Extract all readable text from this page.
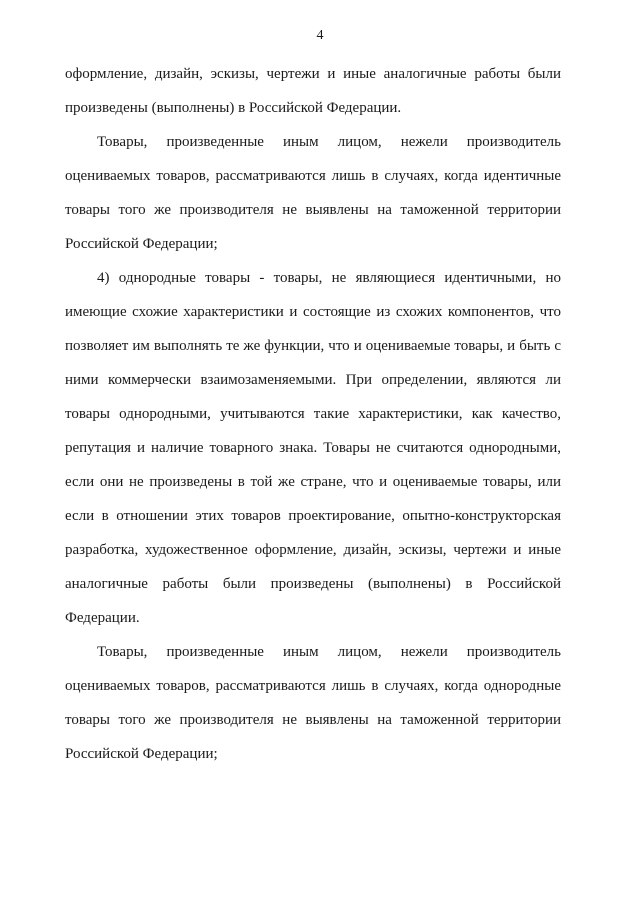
4

оформление, дизайн, эскизы, чертежи и иные аналогичные работы были

произведены (выполнены) в Российской Федерации.

Товары, произведенные иным лицом, нежели производитель

оцениваемых товаров, рассматриваются лишь в случаях, когда идентичные

товары того же производителя не выявлены на таможенной территории

Российской Федерации;

4) однородные товары - товары, не являющиеся идентичными, но

имеющие схожие характеристики и состоящие из схожих компонентов, что

позволяет им выполнять те же функции, что и оцениваемые товары, и быть с

ними коммерчески взаимозаменяемыми. При определении, являются ли

товары однородными, учитываются такие характеристики, как качество,

репутация и наличие товарного знака. Товары не считаются однородными,

если они не произведены в той же стране, что и оцениваемые товары, или

если в отношении этих товаров проектирование, опытно-конструкторская

разработка, художественное оформление, дизайн, эскизы, чертежи и иные

аналогичные работы были произведены (выполнены) в Российской

Федерации.

Товары, произведенные иным лицом, нежели производитель

оцениваемых товаров, рассматриваются лишь в случаях, когда однородные

товары того же производителя не выявлены на таможенной территории

Российской Федерации;
